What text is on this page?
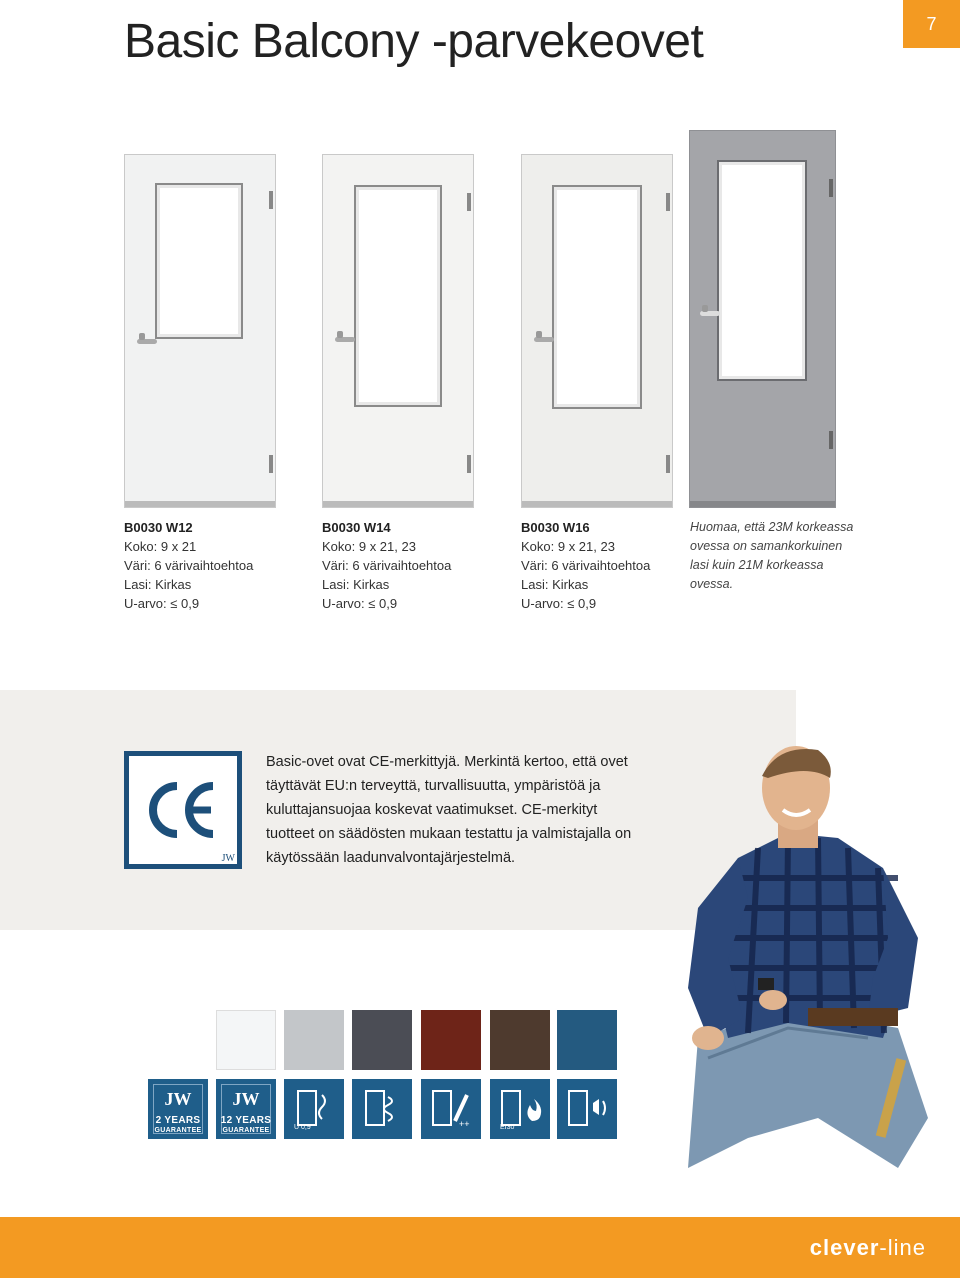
Basic Balcony -parvekeovet	7
B0030 W12
Koko: 9 x 21
Väri: 6 värivaihtoehtoa
Lasi: Kirkas
U-arvo: ≤ 0,9
B0030 W14
Koko: 9 x 21, 23
Väri: 6 värivaihtoehtoa
Lasi: Kirkas
U-arvo: ≤ 0,9
B0030 W16
Koko: 9 x 21, 23
Väri: 6 värivaihtoehtoa
Lasi: Kirkas
U-arvo: ≤ 0,9
Huomaa, että 23M korkeassa ovessa on samankorkuinen lasi kuin 21M korkeassa ovessa.
JW
Basic-ovet ovat CE-merkittyjä. Merkintä kertoo, että ovet täyttävät EU:n terveyttä, turvallisuutta, ympäristöä ja kuluttajansuojaa koskevat vaatimukset. CE-merkityt tuotteet on säädösten mukaan testattu ja valmistajalla on käytössään laadunvalvontajärjestelmä.
JW
2 YEARS
GUARANTEE
JW
12 YEARS
GUARANTEE	U 0,9	++	EI30
clever-line
